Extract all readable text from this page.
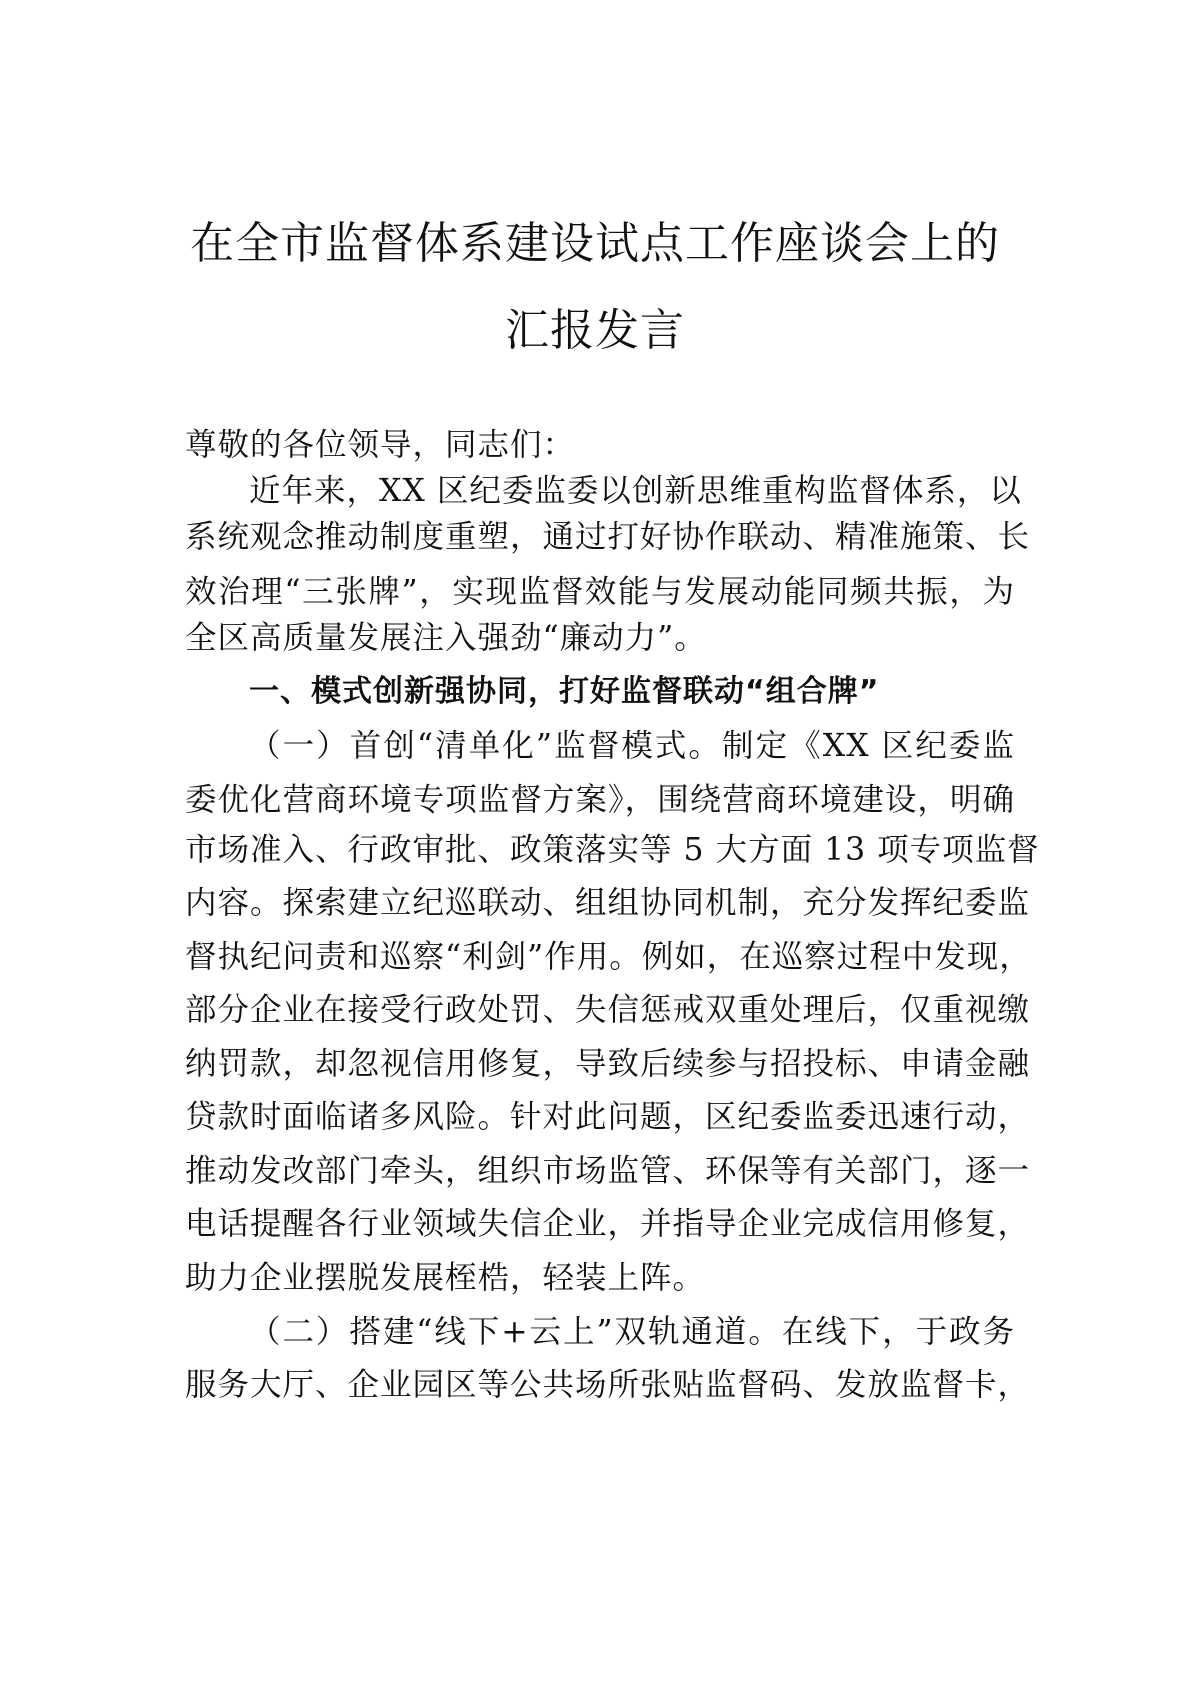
在全市监督体系建设试点工作座谈会上的
汇报发言
尊敬的各位领导，同志们：
近年来，XX 区纪委监委以创新思维重构监督体系，以
系统观念推动制度重塑，通过打好协作联动、精准施策、长
效治理“三张牌”，实现监督效能与发展动能同频共振，为
全区高质量发展注入强劲“廉动力”。
一、模式创新强协同，打好监督联动“组合牌”
（一）首创“清单化”监督模式。制定《XX 区纪委监
委优化营商环境专项监督方案》，围绕营商环境建设，明确
市场准入、行政审批、政策落实等 5 大方面 13 项专项监督
内容。探索建立纪巡联动、组组协同机制，充分发挥纪委监
督执纪问责和巡察“利剑”作用。例如，在巡察过程中发现，
部分企业在接受行政处罚、失信惩戒双重处理后，仅重视缴
纳罚款，却忽视信用修复，导致后续参与招投标、申请金融
贷款时面临诸多风险。针对此问题，区纪委监委迅速行动，
推动发改部门牵头，组织市场监管、环保等有关部门，逐一
电话提醒各行业领域失信企业，并指导企业完成信用修复，
助力企业摆脱发展桎梏，轻装上阵。
（二）搭建“线下+云上”双轨通道。在线下，于政务
服务大厅、企业园区等公共场所张贴监督码、发放监督卡，
